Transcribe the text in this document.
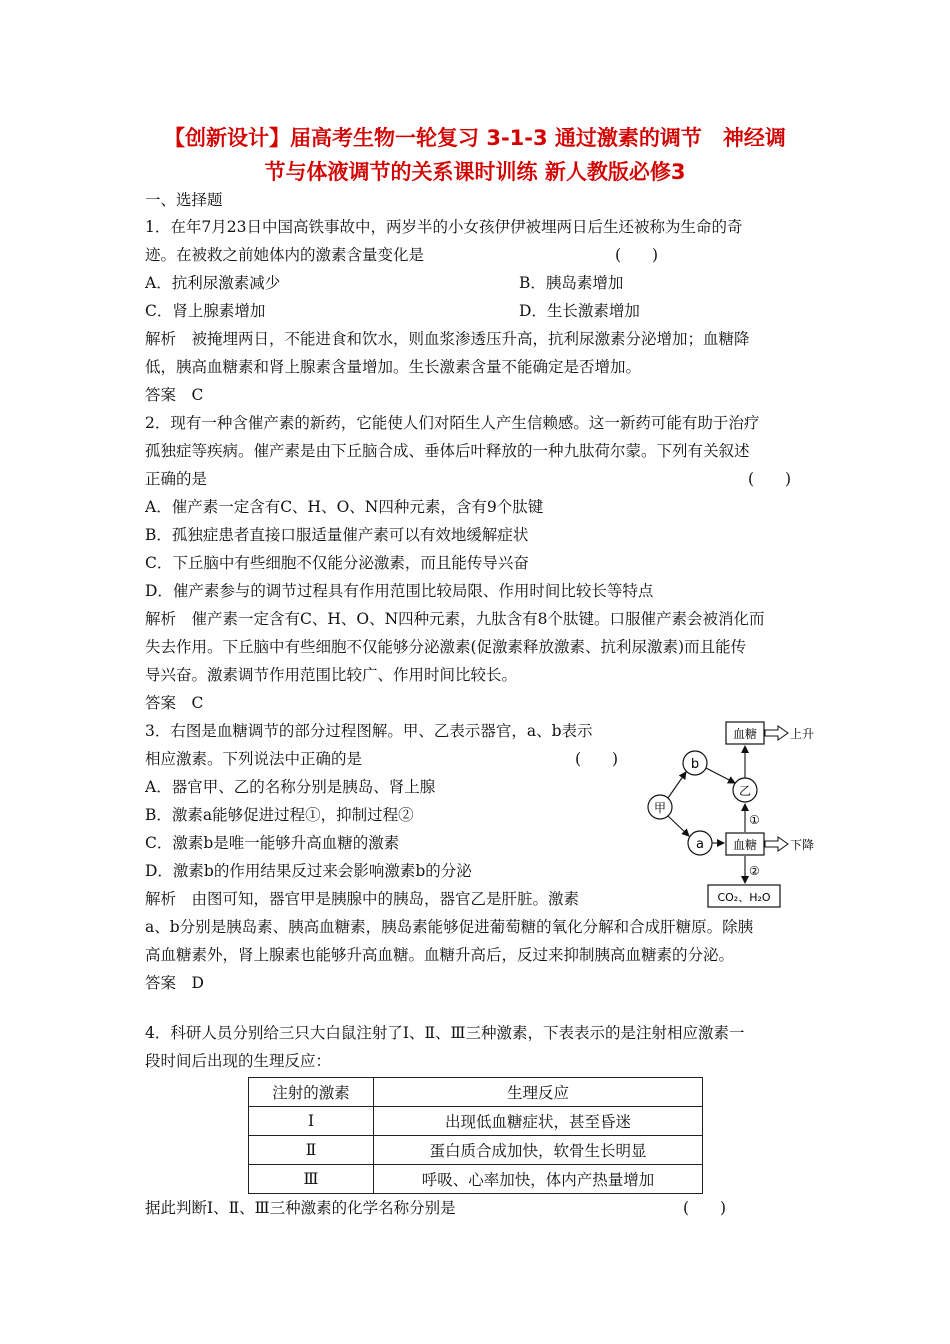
【创新设计】届高考生物一轮复习 3-1-3 通过激素的调节　神经调
节与体液调节的关系课时训练 新人教版必修3
一、选择题
1．在年7月23日中国高铁事故中，两岁半的小女孩伊伊被埋两日后生还被称为生命的奇
迹。在被救之前她体内的激素含量变化是	(　　)
A．抗利尿激素减少	B．胰岛素增加
C．肾上腺素增加	D．生长激素增加
解析　被掩埋两日，不能进食和饮水，则血浆渗透压升高，抗利尿激素分泌增加；血糖降
低，胰高血糖素和肾上腺素含量增加。生长激素含量不能确定是否增加。
答案　C
2．现有一种含催产素的新药，它能使人们对陌生人产生信赖感。这一新药可能有助于治疗
孤独症等疾病。催产素是由下丘脑合成、垂体后叶释放的一种九肽荷尔蒙。下列有关叙述
正确的是	(　　)
A．催产素一定含有C、H、O、N四种元素，含有9个肽键
B．孤独症患者直接口服适量催产素可以有效地缓解症状
C．下丘脑中有些细胞不仅能分泌激素，而且能传导兴奋
D．催产素参与的调节过程具有作用范围比较局限、作用时间比较长等特点
解析　催产素一定含有C、H、O、N四种元素，九肽含有8个肽键。口服催产素会被消化而
失去作用。下丘脑中有些细胞不仅能够分泌激素(促激素释放激素、抗利尿激素)而且能传
导兴奋。激素调节作用范围比较广、作用时间比较长。
答案　C
3．右图是血糖调节的部分过程图解。甲、乙表示器官，a、b表示
相应激素。下列说法中正确的是	(　　)
A．器官甲、乙的名称分别是胰岛、肾上腺
B．激素a能够促进过程①，抑制过程②
C．激素b是唯一能够升高血糖的激素
D．激素b的作用结果反过来会影响激素b的分泌
解析　由图可知，器官甲是胰腺中的胰岛，器官乙是肝脏。激素
a、b分别是胰岛素、胰高血糖素，胰岛素能够促进葡萄糖的氧化分解和合成肝糖原。除胰
高血糖素外，肾上腺素也能够升高血糖。血糖升高后，反过来抑制胰高血糖素的分泌。
答案　D
血糖	上升
b
乙
甲
a 血糖	下降
CO₂、H₂O
①
②
4．科研人员分别给三只大白鼠注射了Ⅰ、Ⅱ、Ⅲ三种激素，下表表示的是注射相应激素一
段时间后出现的生理反应：
注射的激素	生理反应
Ⅰ	出现低血糖症状，甚至昏迷
Ⅱ	蛋白质合成加快，软骨生长明显
Ⅲ	呼吸、心率加快，体内产热量增加
据此判断Ⅰ、Ⅱ、Ⅲ三种激素的化学名称分别是	(　　)
